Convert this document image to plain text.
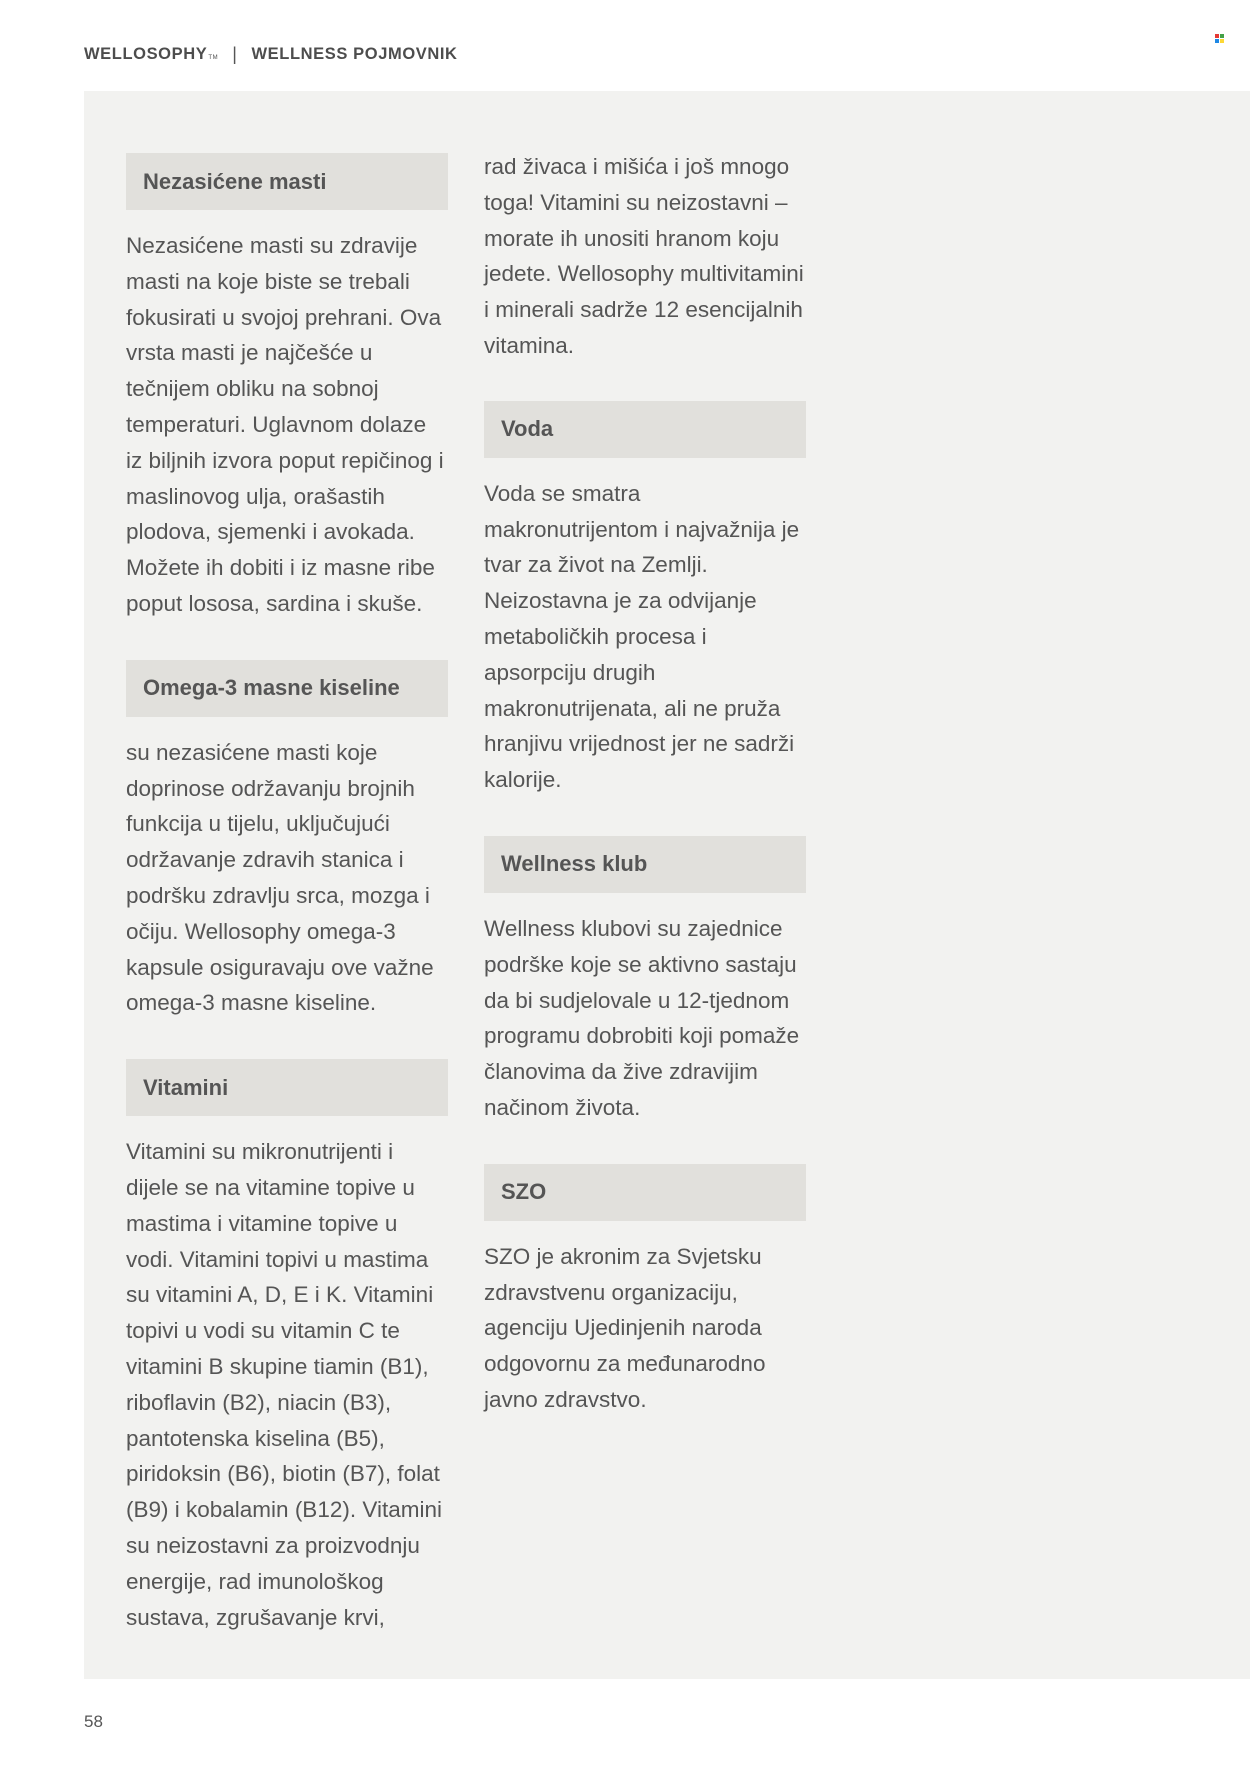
WELLOSOPHYTM | WELLNESS POJMOVNIK
Nezasićene masti

Nezasićene masti su zdravije masti na koje biste se trebali fokusirati u svojoj prehrani. Ova vrsta masti je najčešće u tečnijem obliku na sobnoj temperaturi. Uglavnom dolaze iz biljnih izvora poput repičinog i maslinovog ulja, orašastih plodova, sjemenki i avokada. Možete ih dobiti i iz masne ribe poput lososa, sardina i skuše.

Omega-3 masne kiseline

su nezasićene masti koje doprinose održavanju brojnih funkcija u tijelu, uključujući održavanje zdravih stanica i podršku zdravlju srca, mozga i očiju. Wellosophy omega-3 kapsule osiguravaju ove važne omega-3 masne kiseline.

Vitamini

Vitamini su mikronutrijenti i dijele se na vitamine topive u mastima i vitamine topive u vodi. Vitamini topivi u mastima su vitamini A, D, E i K. Vitamini topivi u vodi su vitamin C te vitamini B skupine tiamin (B1), riboflavin (B2), niacin (B3), pantotenska kiselina (B5), piridoksin (B6), biotin (B7), folat (B9) i kobalamin (B12). Vitamini su neizostavni za proizvodnju energije, rad imunološkog sustava, zgrušavanje krvi,

rad živaca i mišića i još mnogo toga! Vitamini su neizostavni – morate ih unositi hranom koju jedete. Wellosophy multivitamini i minerali sadrže 12 esencijalnih vitamina.

Voda

Voda se smatra makronutrijentom i najvažnija je tvar za život na Zemlji. Neizostavna je za odvijanje metaboličkih procesa i apsorpciju drugih makronutrijenata, ali ne pruža hranjivu vrijednost jer ne sadrži kalorije.

Wellness klub

Wellness klubovi su zajednice podrške koje se aktivno sastaju da bi sudjelovale u 12-tjednom programu dobrobiti koji pomaže članovima da žive zdravijim načinom života.

SZO

SZO je akronim za Svjetsku zdravstvenu organizaciju, agenciju Ujedinjenih naroda odgovornu za međunarodno javno zdravstvo.

58
